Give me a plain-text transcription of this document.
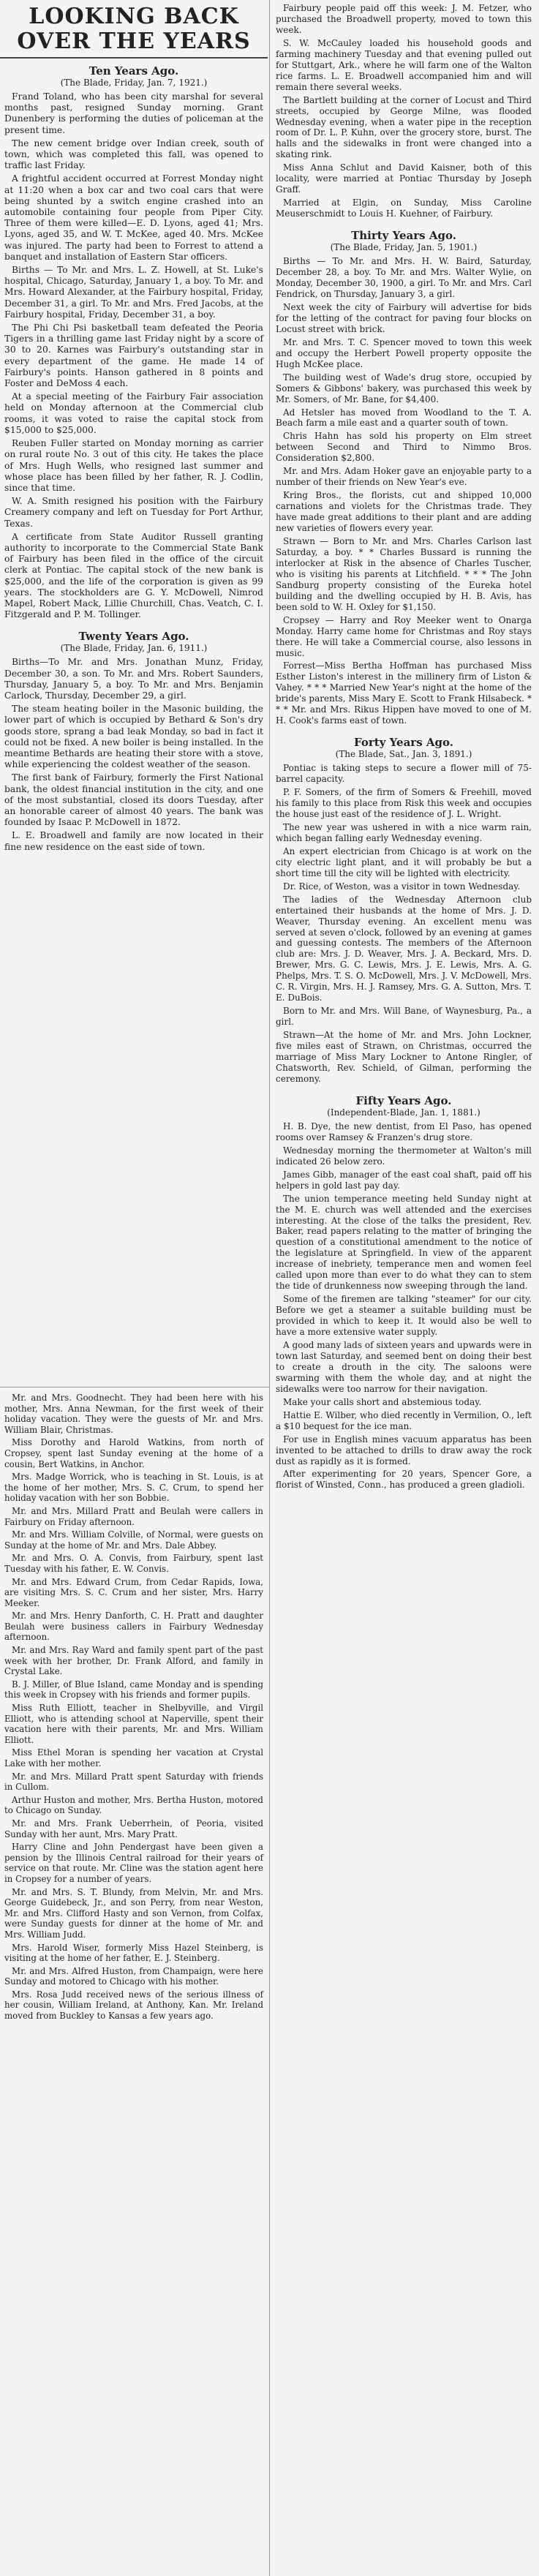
LOOKING BACK
OVER THE YEARS
Ten Years Ago.
(The Blade, Friday, Jan. 7, 1921.)

Frand Toland, who has been city marshal for several months past, resigned Sunday morning. Grant Dunenbery is performing the duties of policeman at the present time.

The new cement bridge over Indian creek, south of town, which was completed this fall, was opened to traffic last Friday.

A frightful accident occurred at Forrest Monday night at 11:20 when a box car and two coal cars that were being shunted by a switch engine crashed into an automobile containing four people from Piper City. Three of them were killed—E. D. Lyons, aged 41; Mrs. Lyons, aged 35, and W. T. McKee, aged 40. Mrs. McKee was injured. The party had been to Forrest to attend a banquet and installation of Eastern Star officers.

Births — To Mr. and Mrs. L. Z. Howell, at St. Luke's hospital, Chicago, Saturday, January 1, a boy. To Mr. and Mrs. Howard Alexander, at the Fairbury hospital, Friday, December 31, a girl. To Mr. and Mrs. Fred Jacobs, at the Fairbury hospital, Friday, December 31, a boy.

The Phi Chi Psi basketball team defeated the Peoria Tigers in a thrilling game last Friday night by a score of 30 to 20. Karnes was Fairbury's outstanding star in every department of the game. He made 14 of Fairbury's points. Hanson gathered in 8 points and Foster and DeMoss 4 each.

At a special meeting of the Fairbury Fair association held on Monday afternoon at the Commercial club rooms, it was voted to raise the capital stock from $15,000 to $25,000.

Reuben Fuller started on Monday morning as carrier on rural route No. 3 out of this city. He takes the place of Mrs. Hugh Wells, who resigned last summer and whose place has been filled by her father, R. J. Codlin, since that time.

W. A. Smith resigned his position with the Fairbury Creamery company and left on Tuesday for Port Arthur, Texas.

A certificate from State Auditor Russell granting authority to incorporate to the Commercial State Bank of Fairbury has been filed in the office of the circuit clerk at Pontiac. The capital stock of the new bank is $25,000, and the life of the corporation is given as 99 years. The stockholders are G. Y. McDowell, Nimrod Mapel, Robert Mack, Lillie Churchill, Chas. Veatch, C. I. Fitzgerald and P. M. Tollinger.

Twenty Years Ago.
(The Blade, Friday, Jan. 6, 1911.)

Births—To Mr. and Mrs. Jonathan Munz, Friday, December 30, a son. To Mr. and Mrs. Robert Saunders, Thursday, January 5, a boy. To Mr. and Mrs. Benjamin Carlock, Thursday, December 29, a girl.

The steam heating boiler in the Masonic building, the lower part of which is occupied by Bethard & Son's dry goods store, sprang a bad leak Monday, so bad in fact it could not be fixed. A new boiler is being installed. In the meantime Bethards are heating their store with a stove, while experiencing the coldest weather of the season.

The first bank of Fairbury, formerly the First National bank, the oldest financial institution in the city, and one of the most substantial, closed its doors Tuesday, after an honorable career of almost 40 years. The bank was founded by Isaac P. McDowell in 1872.

L. E. Broadwell and family are now located in their fine new residence on the east side of town.

Mr. and Mrs. Goodnecht. They had been here with his mother, Mrs. Anna Newman, for the first week of their holiday vacation. They were the guests of Mr. and Mrs. William Blair, Christmas.

Miss Dorothy and Harold Watkins, from north of Cropsey, spent last Sunday evening at the home of a cousin, Bert Watkins, in Anchor.

Mrs. Madge Worrick, who is teaching in St. Louis, is at the home of her mother, Mrs. S. C. Crum, to spend her holiday vacation with her son Bobbie.

Mr. and Mrs. Millard Pratt and Beulah were callers in Fairbury on Friday afternoon.

Mr. and Mrs. William Colville, of Normal, were guests on Sunday at the home of Mr. and Mrs. Dale Abbey.

Mr. and Mrs. O. A. Convis, from Fairbury, spent last Tuesday with his father, E. W. Convis.

Mr. and Mrs. Edward Crum, from Cedar Rapids, Iowa, are visiting Mrs. S. C. Crum and her sister, Mrs. Harry Meeker.

Mr. and Mrs. Henry Danforth, C. H. Pratt and daughter Beulah were business callers in Fairbury Wednesday afternoon.

Mr. and Mrs. Ray Ward and family spent part of the past week with her brother, Dr. Frank Alford, and family in Crystal Lake.

B. J. Miller, of Blue Island, came Monday and is spending this week in Cropsey with his friends and former pupils.

Miss Ruth Elliott, teacher in Shelbyville, and Virgil Elliott, who is attending school at Naperville, spent their vacation here with their parents, Mr. and Mrs. William Elliott.

Miss Ethel Moran is spending her vacation at Crystal Lake with her mother.

Mr. and Mrs. Millard Pratt spent Saturday with friends in Cullom.

Arthur Huston and mother, Mrs. Bertha Huston, motored to Chicago on Sunday.

Mr. and Mrs. Frank Ueberrhein, of Peoria, visited Sunday with her aunt, Mrs. Mary Pratt.

Harry Cline and John Pendergast have been given a pension by the Illinois Central railroad for their years of service on that route. Mr. Cline was the station agent here in Cropsey for a number of years.

Mr. and Mrs. S. T. Blundy, from Melvin, Mr. and Mrs. George Guidebeck, Jr., and son Perry, from near Weston, Mr. and Mrs. Clifford Hasty and son Vernon, from Colfax, were Sunday guests for dinner at the home of Mr. and Mrs. William Judd.

Mrs. Harold Wiser, formerly Miss Hazel Steinberg, is visiting at the home of her father, E. J. Steinberg.

Mr. and Mrs. Alfred Huston, from Champaign, were here Sunday and motored to Chicago with his mother.

Mrs. Rosa Judd received news of the serious illness of her cousin, William Ireland, at Anthony, Kan. Mr. Ireland moved from Buckley to Kansas a few years ago.

Fairbury people paid off this week: J. M. Fetzer, who purchased the Broadwell property, moved to town this week.

S. W. McCauley loaded his household goods and farming machinery Tuesday and that evening pulled out for Stuttgart, Ark., where he will farm one of the Walton rice farms. L. E. Broadwell accompanied him and will remain there several weeks.

The Bartlett building at the corner of Locust and Third streets, occupied by George Milne, was flooded Wednesday evening, when a water pipe in the reception room of Dr. L. P. Kuhn, over the grocery store, burst. The halls and the sidewalks in front were changed into a skating rink.

Miss Anna Schlut and David Kaisner, both of this locality, were married at Pontiac Thursday by Joseph Graff.

Married at Elgin, on Sunday, Miss Caroline Meuserschmidt to Louis H. Kuehner, of Fairbury.

Thirty Years Ago.
(The Blade, Friday, Jan. 5, 1901.)

Births — To Mr. and Mrs. H. W. Baird, Saturday, December 28, a boy. To Mr. and Mrs. Walter Wylie, on Monday, December 30, 1900, a girl. To Mr. and Mrs. Carl Fendrick, on Thursday, January 3, a girl.

Next week the city of Fairbury will advertise for bids for the letting of the contract for paving four blocks on Locust street with brick.

Mr. and Mrs. T. C. Spencer moved to town this week and occupy the Herbert Powell property opposite the Hugh McKee place.

The building west of Wade's drug store, occupied by Somers & Gibbons' bakery, was purchased this week by Mr. Somers, of Mr. Bane, for $4,400.

Ad Hetsler has moved from Woodland to the T. A. Beach farm a mile east and a quarter south of town.

Chris Hahn has sold his property on Elm street between Second and Third to Nimmo Bros. Consideration $2,800.

Mr. and Mrs. Adam Hoker gave an enjoyable party to a number of their friends on New Year's eve.

Kring Bros., the florists, cut and shipped 10,000 carnations and violets for the Christmas trade. They have made great additions to their plant and are adding new varieties of flowers every year.

Strawn — Born to Mr. and Mrs. Charles Carlson last Saturday, a boy. * * Charles Bussard is running the interlocker at Risk in the absence of Charles Tuscher, who is visiting his parents at Litchfield. * * * The John Sandburg property consisting of the Eureka hotel building and the dwelling occupied by H. B. Avis, has been sold to W. H. Oxley for $1,150.

Cropsey — Harry and Roy Meeker went to Onarga Monday. Harry came home for Christmas and Roy stays there. He will take a Commercial course, also lessons in music.

Forrest—Miss Bertha Hoffman has purchased Miss Esther Liston's interest in the millinery firm of Liston & Vahey. * * * Married New Year's night at the home of the bride's parents, Miss Mary E. Scott to Frank Hilsabeck. * * * Mr. and Mrs. Rikus Hippen have moved to one of M. H. Cook's farms east of town.

Forty Years Ago.
(The Blade, Sat., Jan. 3, 1891.)

Pontiac is taking steps to secure a flower mill of 75-barrel capacity.

P. F. Somers, of the firm of Somers & Freehill, moved his family to this place from Risk this week and occupies the house just east of the residence of J. L. Wright.

The new year was ushered in with a nice warm rain, which began falling early Wednesday evening.

An expert electrician from Chicago is at work on the city electric light plant, and it will probably be but a short time till the city will be lighted with electricity.

Dr. Rice, of Weston, was a visitor in town Wednesday.

The ladies of the Wednesday Afternoon club entertained their husbands at the home of Mrs. J. D. Weaver, Thursday evening. An excellent menu was served at seven o'clock, followed by an evening at games and guessing contests. The members of the Afternoon club are: Mrs. J. D. Weaver, Mrs. J. A. Beckard, Mrs. D. Brewer, Mrs. G. C. Lewis, Mrs. J. E. Lewis, Mrs. A. G. Phelps, Mrs. T. S. O. McDowell, Mrs. J. V. McDowell, Mrs. C. R. Virgin, Mrs. H. J. Ramsey, Mrs. G. A. Sutton, Mrs. T. E. DuBois.

Born to Mr. and Mrs. Will Bane, of Waynesburg, Pa., a girl.

Strawn—At the home of Mr. and Mrs. John Lockner, five miles east of Strawn, on Christmas, occurred the marriage of Miss Mary Lockner to Antone Ringler, of Chatsworth, Rev. Schield, of Gilman, performing the ceremony.

Fifty Years Ago.
(Independent-Blade, Jan. 1, 1881.)

H. B. Dye, the new dentist, from El Paso, has opened rooms over Ramsey & Franzen's drug store.

Wednesday morning the thermometer at Walton's mill indicated 26 below zero.

James Gibb, manager of the east coal shaft, paid off his helpers in gold last pay day.

The union temperance meeting held Sunday night at the M. E. church was well attended and the exercises interesting. At the close of the talks the president, Rev. Baker, read papers relating to the matter of bringing the question of a constitutional amendment to the notice of the legislature at Springfield. In view of the apparent increase of inebriety, temperance men and women feel called upon more than ever to do what they can to stem the tide of drunkenness now sweeping through the land.

Some of the firemen are talking "steamer" for our city. Before we get a steamer a suitable building must be provided in which to keep it. It would also be well to have a more extensive water supply.

A good many lads of sixteen years and upwards were in town last Saturday, and seemed bent on doing their best to create a drouth in the city. The saloons were swarming with them the whole day, and at night the sidewalks were too narrow for their navigation.

Make your calls short and abstemious today.

Hattie E. Wilber, who died recently in Vermilion, O., left a $10 bequest for the ice man.

For use in English mines vacuum apparatus has been invented to be attached to drills to draw away the rock dust as rapidly as it is formed.

After experimenting for 20 years, Spencer Gore, a florist of Winsted, Conn., has produced a green gladioli.
